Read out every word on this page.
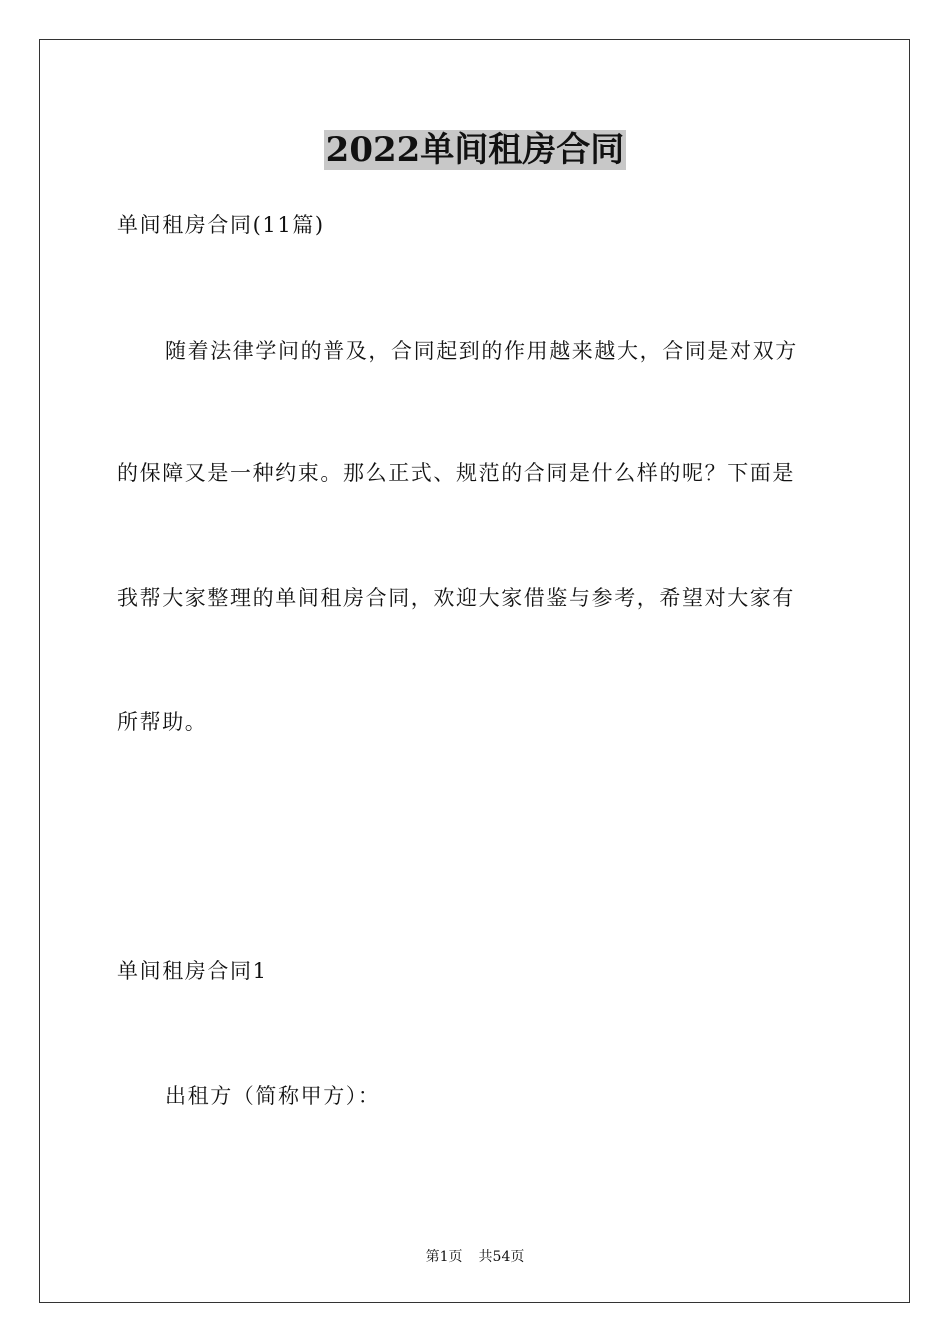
2022单间租房合同
单间租房合同(11篇)
随着法律学问的普及，合同起到的作用越来越大，合同是对双方
的保障又是一种约束。那么正式、规范的合同是什么样的呢？下面是
我帮大家整理的单间租房合同，欢迎大家借鉴与参考，希望对大家有
所帮助。
单间租房合同1
出租方（简称甲方）：
第1页 共54页
